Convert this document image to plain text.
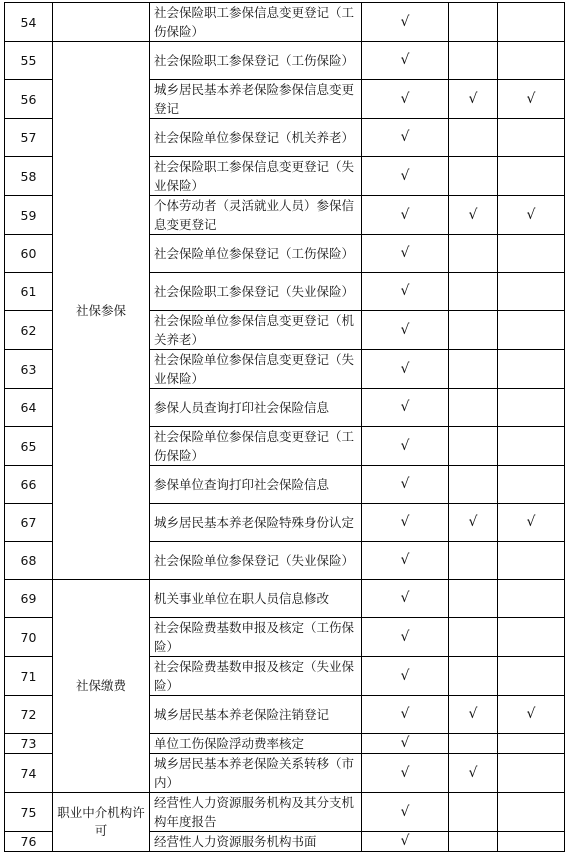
54		社会保险职工参保信息变更登记（工伤保险）	√		
55	社保参保	社会保险职工参保登记（工伤保险）	√		
56		城乡居民基本养老保险参保信息变更登记	√	√	√
57		社会保险单位参保登记（机关养老）	√		
58		社会保险职工参保信息变更登记（失业保险）	√		
59		个体劳动者（灵活就业人员）参保信息变更登记	√	√	√
60		社会保险单位参保登记（工伤保险）	√		
61		社会保险职工参保登记（失业保险）	√		
62		社会保险单位参保信息变更登记（机关养老）	√		
63		社会保险单位参保信息变更登记（失业保险）	√		
64		参保人员查询打印社会保险信息	√		
65		社会保险单位参保信息变更登记（工伤保险）	√		
66		参保单位查询打印社会保险信息	√		
67		城乡居民基本养老保险特殊身份认定	√	√	√
68		社会保险单位参保登记（失业保险）	√		
69	社保缴费	机关事业单位在职人员信息修改	√		
70		社会保险费基数申报及核定（工伤保险）	√		
71		社会保险费基数申报及核定（失业保险）	√		
72		城乡居民基本养老保险注销登记	√	√	√
73		单位工伤保险浮动费率核定	√		
74		城乡居民基本养老保险关系转移（市内）	√	√	
75	职业中介机构许可	经营性人力资源服务机构及其分支机构年度报告	√		
76		经营性人力资源服务机构书面	√		
